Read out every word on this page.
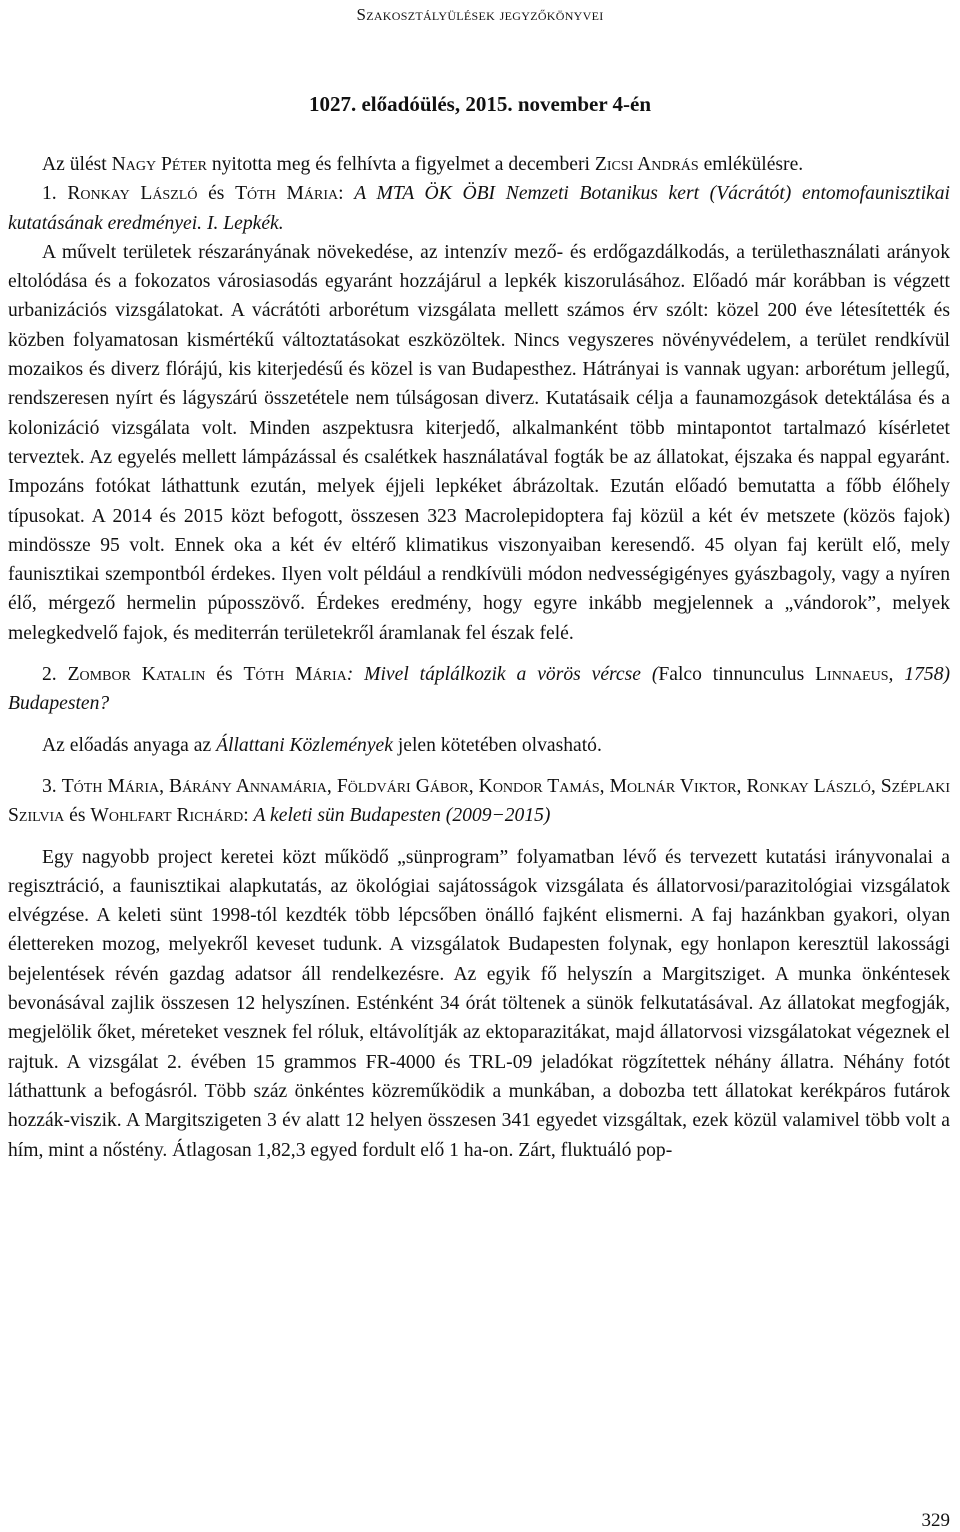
Szakosztályülések jegyzőkönyvei
1027. előadóülés, 2015. november 4-én

Az ülést Nagy Péter nyitotta meg és felhívta a figyelmet a decemberi Zicsi András emlékülésre.

1. Ronkay László és Tóth Mária: A MTA ÖK ÖBI Nemzeti Botanikus kert (Vácrátót) entomofaunisztikai kutatásának eredményei. I. Lepkék.

A művelt területek részarányának növekedése, az intenzív mező- és erdőgazdálkodás, a területhasználati arányok eltolódása és a fokozatos városiasodás egyaránt hozzájárul a lepkék kiszorulásához. Előadó már korábban is végzett urbanizációs vizsgálatokat. A vácrátóti arborétum vizsgálata mellett számos érv szólt: közel 200 éve létesítették és közben folyamatosan kismértékű változtatásokat eszközöltek. Nincs vegyszeres növényvédelem, a terület rendkívül mozaikos és diverz flórájú, kis kiterjedésű és közel is van Budapesthez. Hátrányai is vannak ugyan: arborétum jellegű, rendszeresen nyírt és lágyszárú összetétele nem túlságosan diverz. Kutatásaik célja a faunamozgások detektálása és a kolonizáció vizsgálata volt. Minden aszpektusra kiterjedő, alkalmanként több mintapontot tartalmazó kísérletet terveztek. Az egyelés mellett lámpázással és csalétkek használatával fogták be az állatokat, éjszaka és nappal egyaránt. Impozáns fotókat láthattunk ezután, melyek éjjeli lepkéket ábrázoltak. Ezután előadó bemutatta a főbb élőhely típusokat. A 2014 és 2015 közt befogott, összesen 323 Macrolepidoptera faj közül a két év metszete (közös fajok) mindössze 95 volt. Ennek oka a két év eltérő klimatikus viszonyaiban keresendő. 45 olyan faj került elő, mely faunisztikai szempontból érdekes. Ilyen volt például a rendkívüli módon nedvességigényes gyászbagoly, vagy a nyíren élő, mérgező hermelin púposszövő. Érdekes eredmény, hogy egyre inkább megjelennek a „vándorok”, melyek melegkedvelő fajok, és mediterrán területekről áramlanak fel észak felé.

2. Zombor Katalin és Tóth Mária: Mivel táplálkozik a vörös vércse (Falco tinnunculus Linnaeus, 1758) Budapesten?

Az előadás anyaga az Állattani Közlemények jelen kötetében olvasható.

3. Tóth Mária, Bárány Annamária, Földvári Gábor, Kondor Tamás, Molnár Viktor, Ronkay László, Széplaki Szilvia és Wohlfart Richárd: A keleti sün Budapesten (2009−2015)

Egy nagyobb project keretei közt működő „sünprogram” folyamatban lévő és tervezett kutatási irányvonalai a regisztráció, a faunisztikai alapkutatás, az ökológiai sajátosságok vizsgálata és állatorvosi/parazitológiai vizsgálatok elvégzése. A keleti sünt 1998-tól kezdték több lépcsőben önálló fajként elismerni. A faj hazánkban gyakori, olyan élettereken mozog, melyekről keveset tudunk. A vizsgálatok Budapesten folynak, egy honlapon keresztül lakossági bejelentések révén gazdag adatsor áll rendelkezésre. Az egyik fő helyszín a Margitsziget. A munka önkéntesek bevonásával zajlik összesen 12 helyszínen. Esténként 34 órát töltenek a sünök felkutatásával. Az állatokat megfogják, megjelölik őket, méreteket vesznek fel róluk, eltávolítják az ektoparazitákat, majd állatorvosi vizsgálatokat végeznek el rajtuk. A vizsgálat 2. évében 15 grammos FR-4000 és TRL-09 jeladókat rögzítettek néhány állatra. Néhány fotót láthattunk a befogásról. Több száz önkéntes közreműködik a munkában, a dobozba tett állatokat kerékpáros futárok hozzák-viszik. A Margitszigeten 3 év alatt 12 helyen összesen 341 egyedet vizsgáltak, ezek közül valamivel több volt a hím, mint a nőstény. Átlagosan 1,82,3 egyed fordult elő 1 ha-on. Zárt, fluktuáló pop-

329
